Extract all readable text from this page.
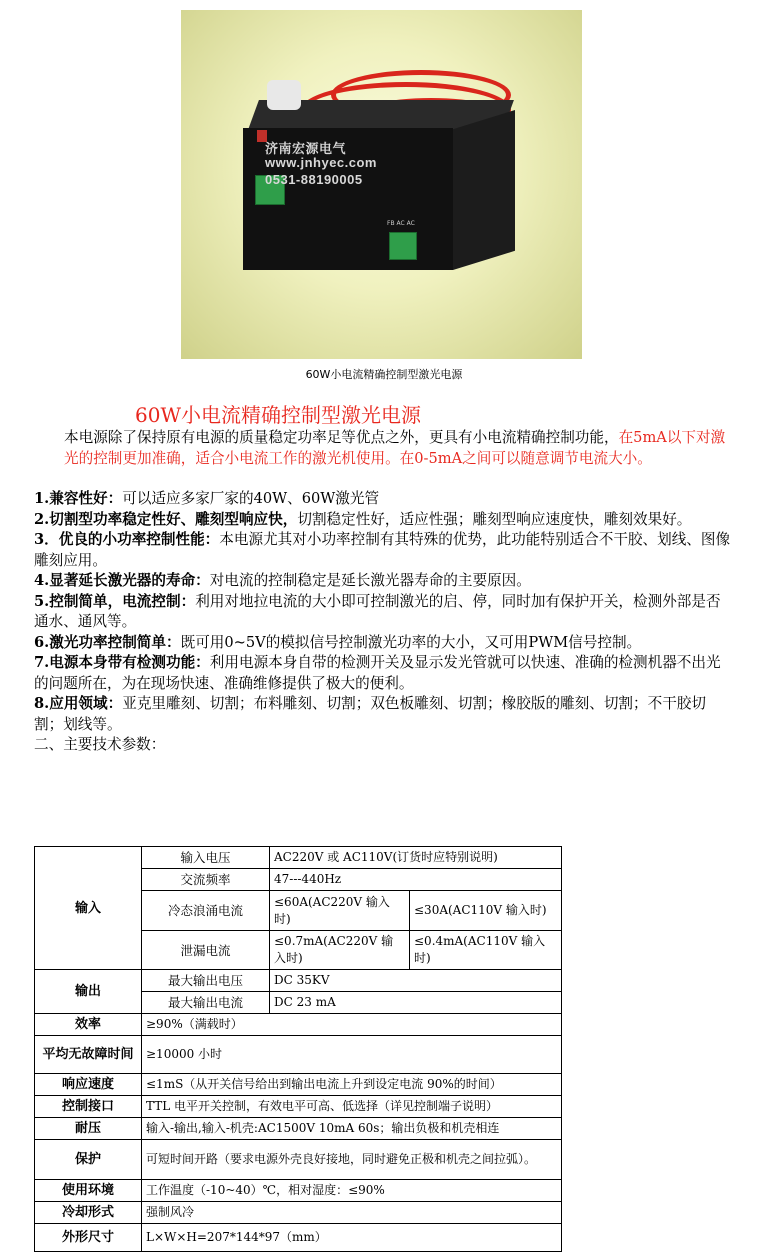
济南宏源电气
www.jnhyec.com
0531-88190005
FB AC AC
60W小电流精确控制型激光电源
60W小电流精确控制型激光电源

本电源除了保持原有电源的质量稳定功率足等优点之外，更具有小电流精确控制功能，在5mA以下对激光的控制更加准确，适合小电流工作的激光机使用。在0-5mA之间可以随意调节电流大小。

1.兼容性好：可以适应多家厂家的40W、60W激光管

2.切割型功率稳定性好、雕刻型响应快，切割稳定性好，适应性强；雕刻型响应速度快，雕刻效果好。

3．优良的小功率控制性能：本电源尤其对小功率控制有其特殊的优势，此功能特别适合不干胶、划线、图像雕刻应用。

4.显著延长激光器的寿命：对电流的控制稳定是延长激光器寿命的主要原因。

5.控制简单，电流控制：利用对地拉电流的大小即可控制激光的启、停，同时加有保护开关，检测外部是否通水、通风等。

6.激光功率控制简单：既可用0~5V的模拟信号控制激光功率的大小，又可用PWM信号控制。

7.电源本身带有检测功能：利用电源本身自带的检测开关及显示发光管就可以快速、准确的检测机器不出光的问题所在，为在现场快速、准确维修提供了极大的便利。

8.应用领域：亚克里雕刻、切割；布料雕刻、切割；双色板雕刻、切割；橡胶版的雕刻、切割；不干胶切割；划线等。

二、主要技术参数：

输入	输入电压	AC220V 或 AC110V(订货时应特别说明)	
	交流频率	47---440Hz	
	冷态浪涌电流	≤60A(AC220V 输入时)	≤30A(AC110V 输入时)
	泄漏电流	≤0.7mA(AC220V 输入时)	≤0.4mA(AC110V 输入时)
输出	最大输出电压	DC 35KV	
	最大输出电流	DC 23 mA	
效率	≥90%（满载时）		
平均无故障时间	≥10000 小时		
响应速度	≤1mS（从开关信号给出到输出电流上升到设定电流 90%的时间）		
控制接口	TTL 电平开关控制，有效电平可高、低选择（详见控制端子说明）		
耐压	输入-输出,输入-机壳:AC1500V 10mA 60s；输出负极和机壳相连		
保护	可短时间开路（要求电源外壳良好接地，同时避免正极和机壳之间拉弧）。		
使用环境	工作温度（-10~40）℃，相对湿度：≤90%		
冷却形式	强制风冷		
外形尺寸	L×W×H=207*144*97（mm）		
